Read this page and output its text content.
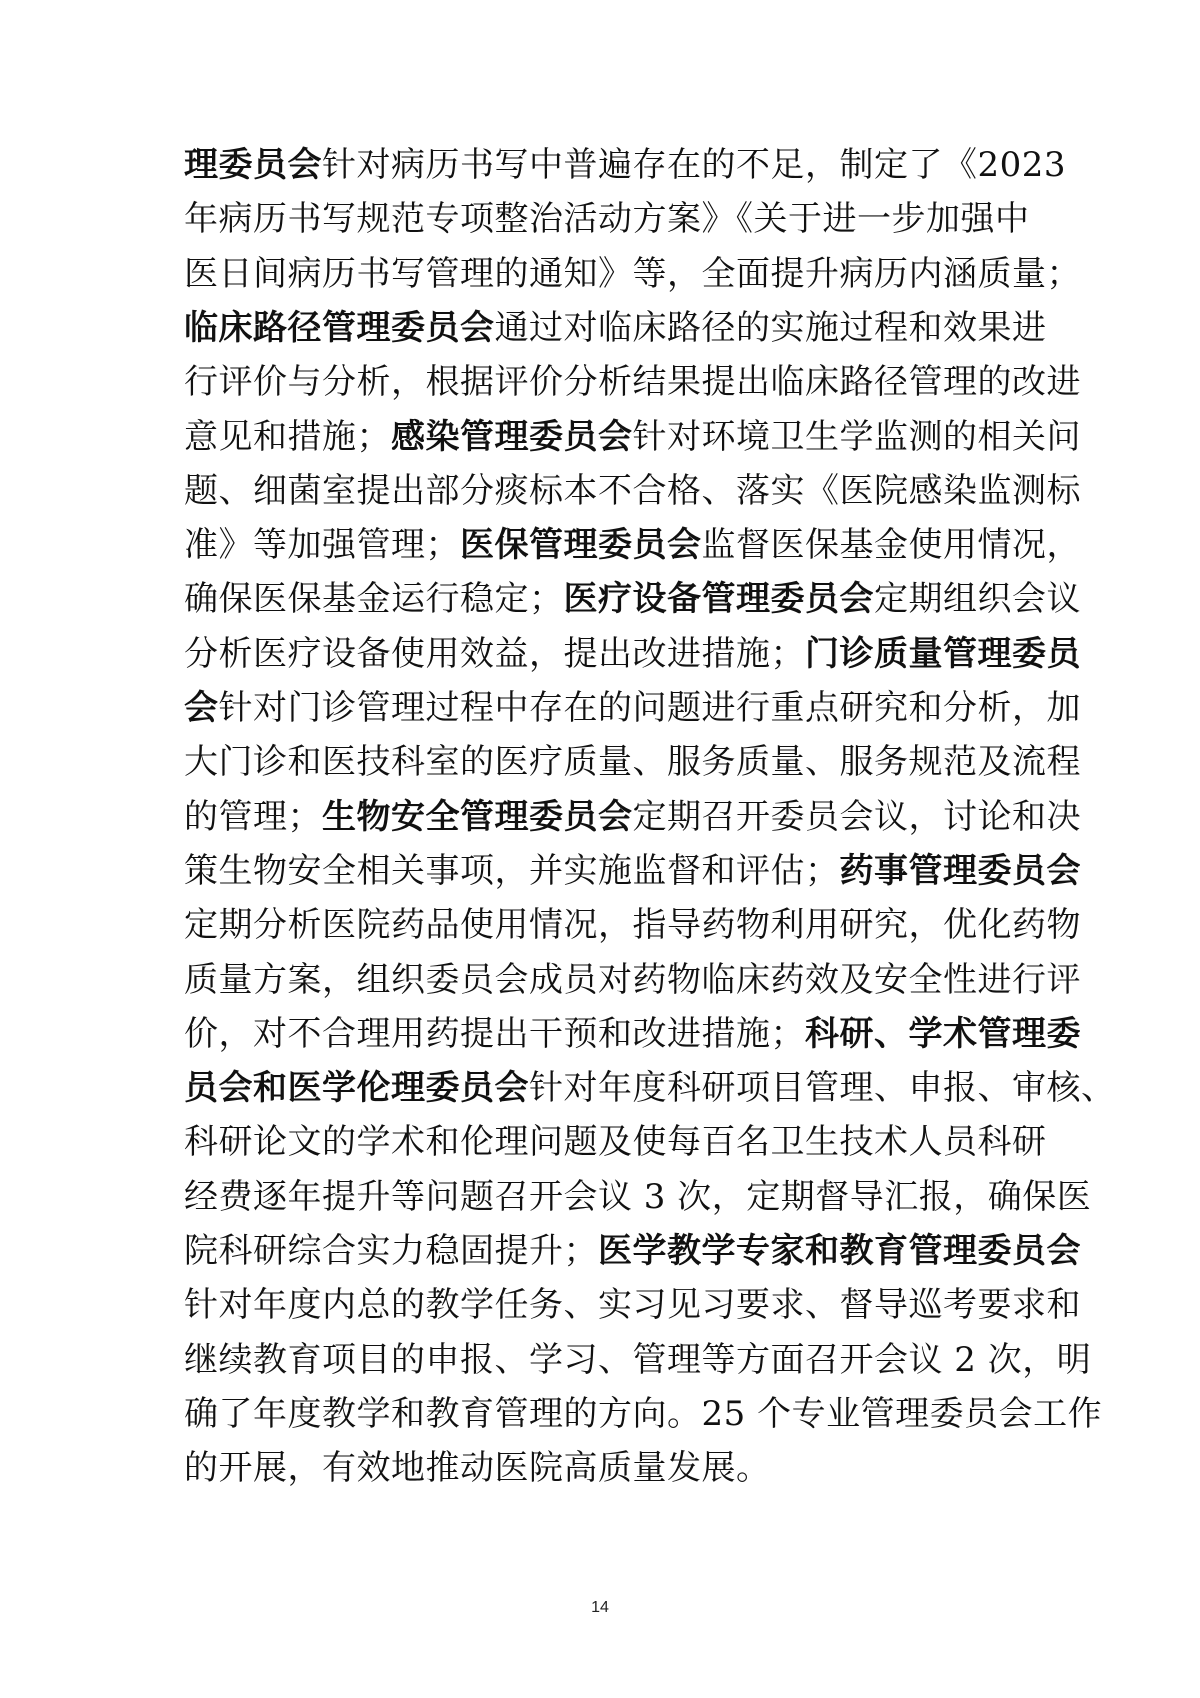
理委员会针对病历书写中普遍存在的不足，制定了《2023
年病历书写规范专项整治活动方案》《关于进一步加强中
医日间病历书写管理的通知》等，全面提升病历内涵质量；
临床路径管理委员会通过对临床路径的实施过程和效果进
行评价与分析，根据评价分析结果提出临床路径管理的改进
意见和措施；感染管理委员会针对环境卫生学监测的相关问
题、细菌室提出部分痰标本不合格、落实《医院感染监测标
准》等加强管理；医保管理委员会监督医保基金使用情况，
确保医保基金运行稳定；医疗设备管理委员会定期组织会议
分析医疗设备使用效益，提出改进措施；门诊质量管理委员
会针对门诊管理过程中存在的问题进行重点研究和分析，加
大门诊和医技科室的医疗质量、服务质量、服务规范及流程
的管理；生物安全管理委员会定期召开委员会议，讨论和决
策生物安全相关事项，并实施监督和评估；药事管理委员会
定期分析医院药品使用情况，指导药物利用研究，优化药物
质量方案，组织委员会成员对药物临床药效及安全性进行评
价，对不合理用药提出干预和改进措施；科研、学术管理委
员会和医学伦理委员会针对年度科研项目管理、申报、审核、
科研论文的学术和伦理问题及使每百名卫生技术人员科研
经费逐年提升等问题召开会议 3 次，定期督导汇报，确保医
院科研综合实力稳固提升；医学教学专家和教育管理委员会
针对年度内总的教学任务、实习见习要求、督导巡考要求和
继续教育项目的申报、学习、管理等方面召开会议 2 次，明
确了年度教学和教育管理的方向。25 个专业管理委员会工作
的开展，有效地推动医院高质量发展。
14
